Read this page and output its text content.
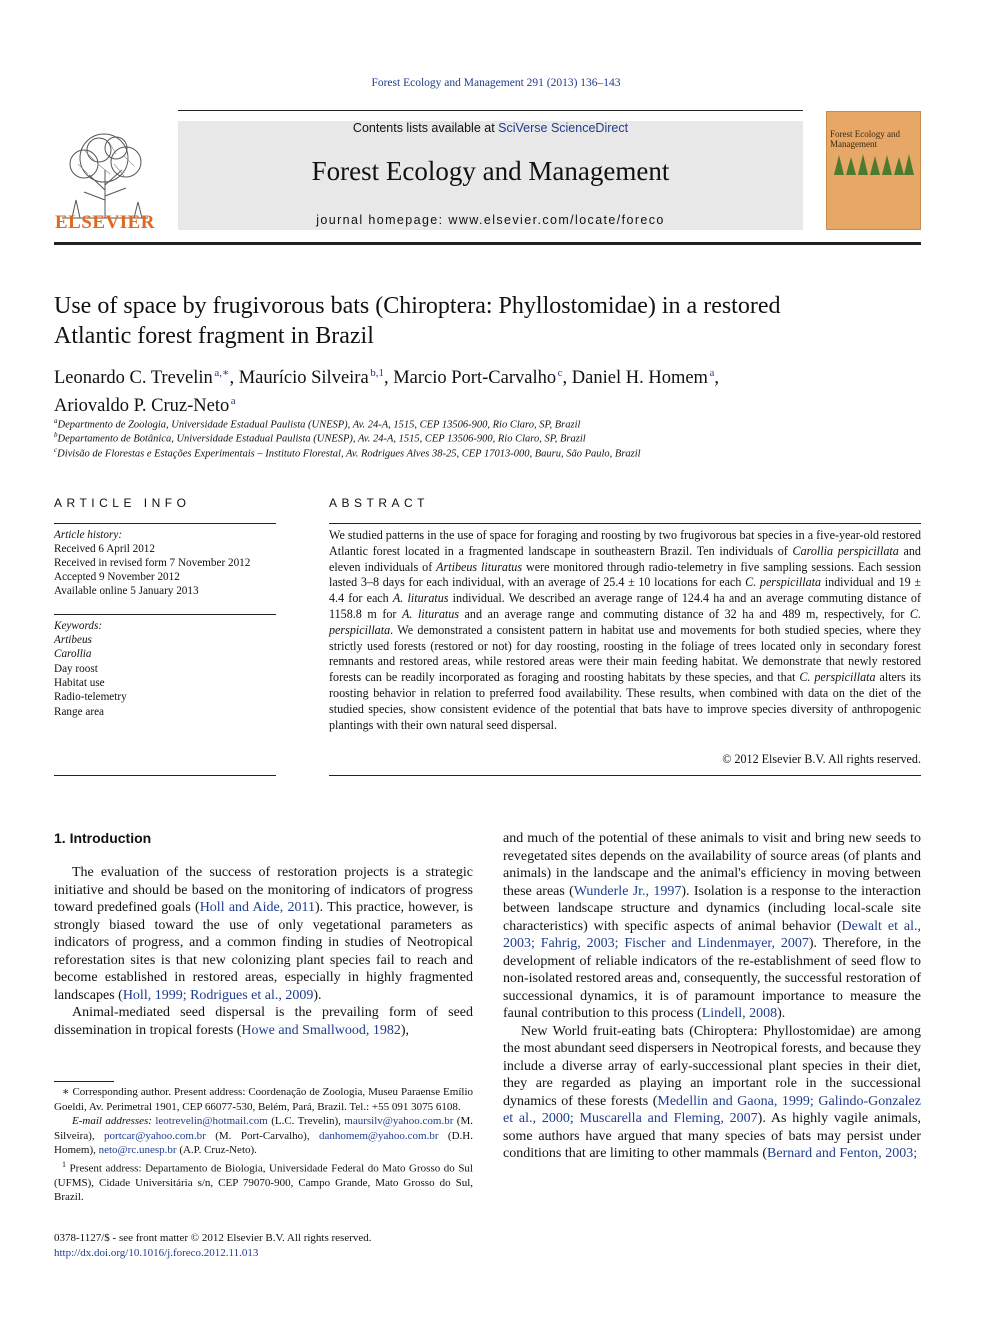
Forest Ecology and Management 291 (2013) 136–143
ELSEVIER
Contents lists available at SciVerse ScienceDirect
Forest Ecology and Management
journal homepage: www.elsevier.com/locate/foreco
Forest Ecology and Management
Use of space by frugivorous bats (Chiroptera: Phyllostomidae) in a restored
Atlantic forest fragment in Brazil
Leonardo C. Trevelin  $^{a,∗}$, Maurício Silveira  $^{b,1}$, Marcio Port-Carvalho  $^c$, Daniel H. Homem  $^a$,
Ariovaldo P. Cruz-Neto  $^a$
$^a$Departmento de Zoologia, Universidade Estadual Paulista (UNESP), Av. 24-A, 1515, CEP 13506-900, Rio Claro, SP, Brazil
$^b$Departamento de Botânica, Universidade Estadual Paulista (UNESP), Av. 24-A, 1515, CEP 13506-900, Rio Claro, SP, Brazil
$^c$Divisão de Florestas e Estações Experimentais – Instituto Florestal, Av. Rodrigues Alves 38-25, CEP 17013-000, Bauru, São Paulo, Brazil
ARTICLE INFO
Article history:
Received 6 April 2012
Received in revised form 7 November 2012
Accepted 9 November 2012
Available online 5 January 2013
Keywords:
Artibeus
Carollia
Day roost
Habitat use
Radio-telemetry
Range area
ABSTRACT
We studied patterns in the use of space for foraging and roosting by two frugivorous bat species in a five-year-old restored Atlantic forest located in a fragmented landscape in southeastern Brazil. Ten individuals of Carollia perspicillata and eleven individuals of Artibeus lituratus were monitored through radio-telemetry in five sampling sessions. Each session lasted 3–8 days for each individual, with an average of 25.4 ± 10 locations for each C. perspicillata individual and 19 ± 4.4 for each A. lituratus individual. We described an average range of 124.4 ha and an average commuting distance of 1158.8 m for A. lituratus and an average range and commuting distance of 32 ha and 489 m, respectively, for C. perspicillata. We demonstrated a consistent pattern in habitat use and movements for both studied species, where they strictly used forests (restored or not) for day roosting, roosting in the foliage of trees located only in secondary forest remnants and restored areas, while restored areas were their main feeding habitat. We demonstrate that newly restored forests can be readily incorporated as foraging and roosting habitats by these species, and that C. perspicillata alters its roosting behavior in relation to preferred food availability. These results, when combined with data on the diet of the studied species, show consistent evidence of the potential that bats have to improve species diversity of anthropogenic plantings with their own natural seed dispersal.
© 2012 Elsevier B.V. All rights reserved.
1. Introduction

The evaluation of the success of restoration projects is a strategic initiative and should be based on the monitoring of indicators of progress toward predefined goals (Holl and Aide, 2011). This practice, however, is strongly biased toward the use of only vegetational parameters as indicators of progress, and a common finding in studies of Neotropical reforestation sites is that new colonizing plant species fail to reach and become established in restored areas, especially in highly fragmented landscapes (Holl, 1999; Rodrigues et al., 2009).

Animal-mediated seed dispersal is the prevailing form of seed dissemination in tropical forests (Howe and Smallwood, 1982),

and much of the potential of these animals to visit and bring new seeds to revegetated sites depends on the availability of source areas (of plants and animals) in the landscape and the animal's efficiency in moving between these areas (Wunderle Jr., 1997). Isolation is a response to the interaction between landscape structure and dynamics (including local-scale site characteristics) with specific aspects of animal behavior (Dewalt et al., 2003; Fahrig, 2003; Fischer and Lindenmayer, 2007). Therefore, in the development of reliable indicators of the re-establishment of seed flow to non-isolated restored areas and, consequently, the successful restoration of successional dynamics, it is of paramount importance to measure the faunal contribution to this process (Lindell, 2008).

New World fruit-eating bats (Chiroptera: Phyllostomidae) are among the most abundant seed dispersers in Neotropical forests, and because they include a diverse array of early-successional plant species in their diet, they are regarded as playing an important role in the successional dynamics of these forests (Medellin and Gaona, 1999; Galindo-Gonzalez et al., 2000; Muscarella and Fleming, 2007). As highly vagile animals, some authors have argued that many species of bats may persist under conditions that are limiting to other mammals (Bernard and Fenton, 2003;

∗ Corresponding author. Present address: Coordenação de Zoologia, Museu Paraense Emílio Goeldi, Av. Perimetral 1901, CEP 66077-530, Belém, Pará, Brazil. Tel.: +55 091 3075 6108.
E-mail addresses: leotrevelin@hotmail.com (L.C. Trevelin), maursilv@yahoo.com.br (M. Silveira), portcar@yahoo.com.br (M. Port-Carvalho), danhomem@yahoo.com.br (D.H. Homem), neto@rc.unesp.br (A.P. Cruz-Neto).
$^1$ Present address: Departamento de Biologia, Universidade Federal do Mato Grosso do Sul (UFMS), Cidade Universitária s/n, CEP 79070-900, Campo Grande, Mato Grosso do Sul, Brazil.
0378-1127/$ - see front matter © 2012 Elsevier B.V. All rights reserved.
http://dx.doi.org/10.1016/j.foreco.2012.11.013
